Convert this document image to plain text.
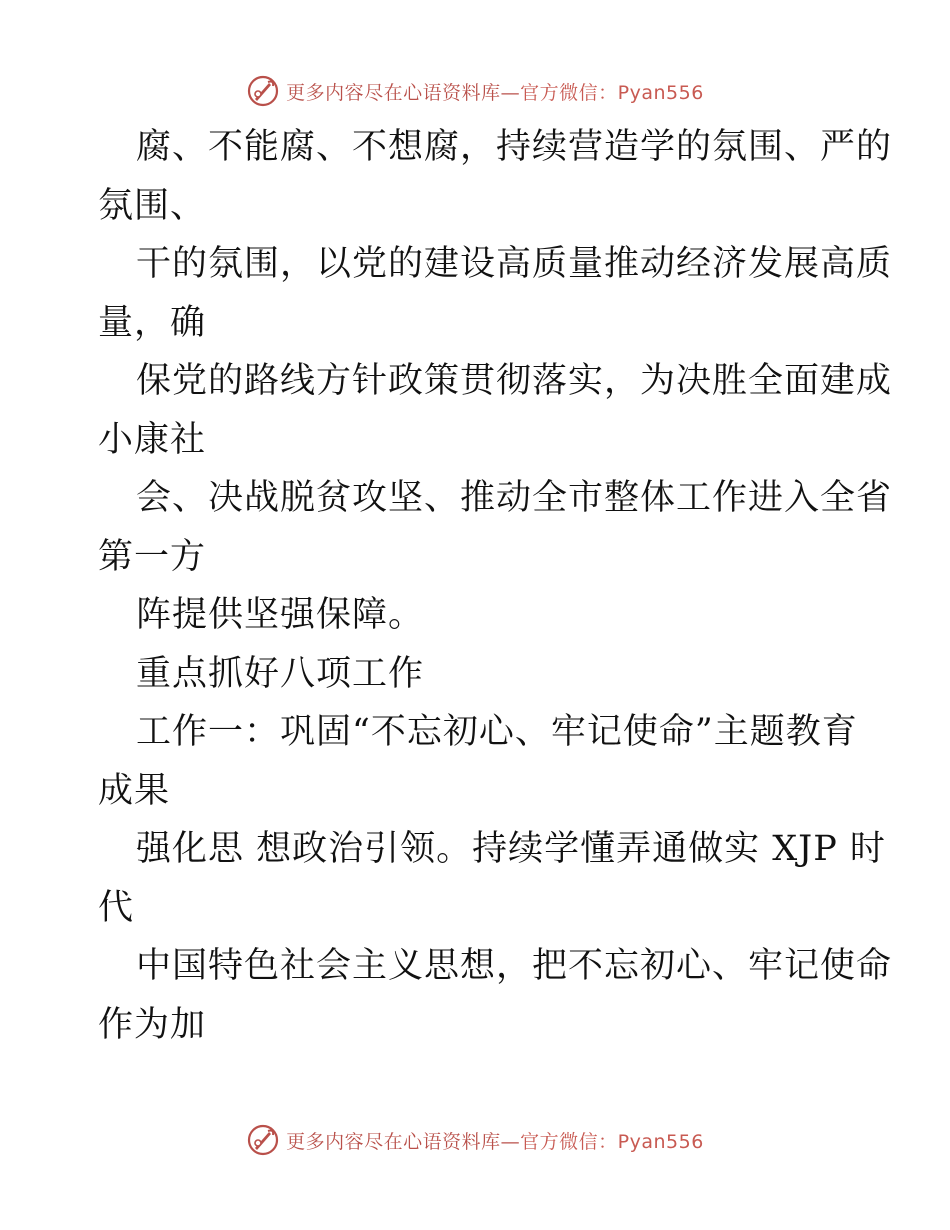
更多内容尽在心语资料库—官方微信：Pyan556
腐、不能腐、不想腐，持续营造学的氛围、严的
氛围、
干的氛围，以党的建设高质量推动经济发展高质
量，确
保党的路线方针政策贯彻落实，为决胜全面建成
小康社
会、决战脱贫攻坚、推动全市整体工作进入全省
第一方
阵提供坚强保障。
重点抓好八项工作
工作一：巩固“不忘初心、牢记使命”主题教育
成果
强化思 想政治引领。持续学懂弄通做实 XJP 时
代
中国特色社会主义思想，把不忘初心、牢记使命
作为加
更多内容尽在心语资料库—官方微信：Pyan556
